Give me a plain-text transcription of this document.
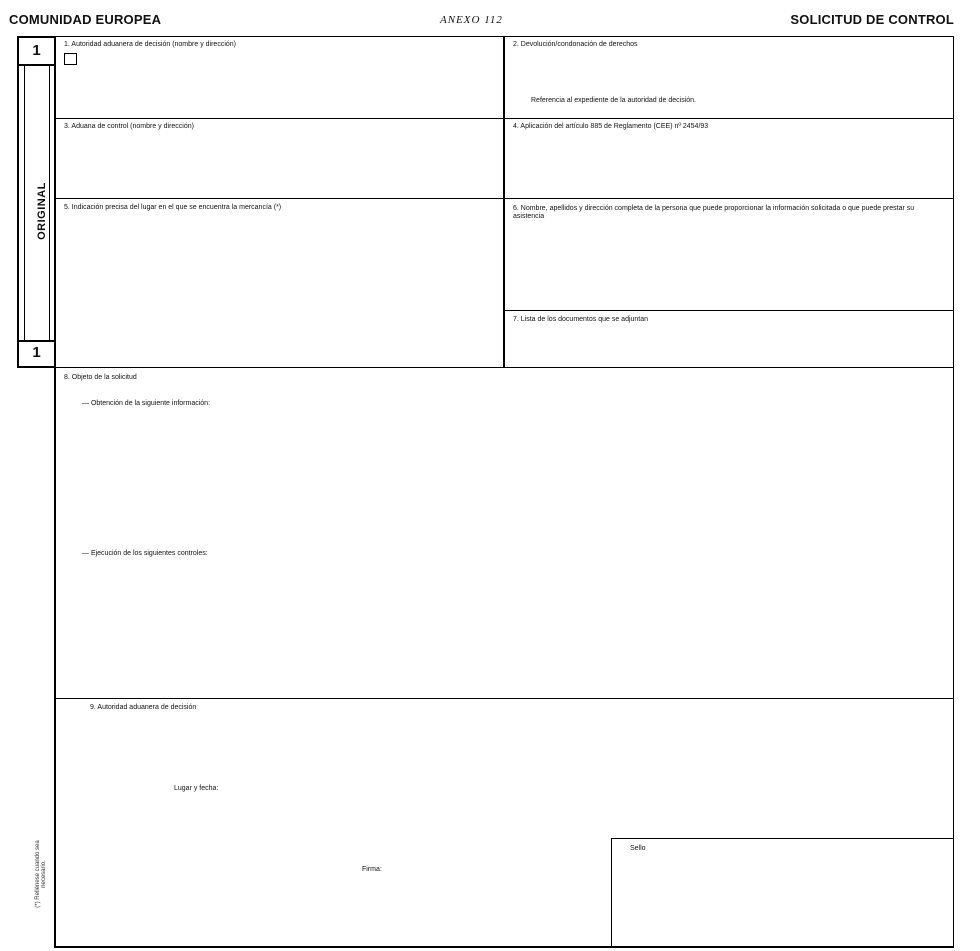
COMUNIDAD EUROPEA	ANEXO 112	SOLICITUD DE CONTROL
1
1
ORIGINAL
(*) Rellénese cuando sea necesario.
1. Autoridad aduanera de decisión (nombre y dirección)	2. Devolución/condonación de derechos
Referencia al expediente de la autoridad de decisión.
3. Aduana de control (nombre y dirección)	4. Aplicación del artículo 885 de Reglamento (CEE) nº 2454/93
5. Indicación precisa del lugar en el que se encuentra la mercancía (*)	6. Nombre, apellidos y dirección completa de la persona que puede proporcionar la información solicitada o que puede prestar su asistencia
7. Lista de los documentos que se adjuntan
8. Objeto de la solicitud
— Obtención de la siguiente información:
— Ejecución de los siguientes controles:
9. Autoridad aduanera de decisión
Lugar y fecha:
Firma:
Sello
